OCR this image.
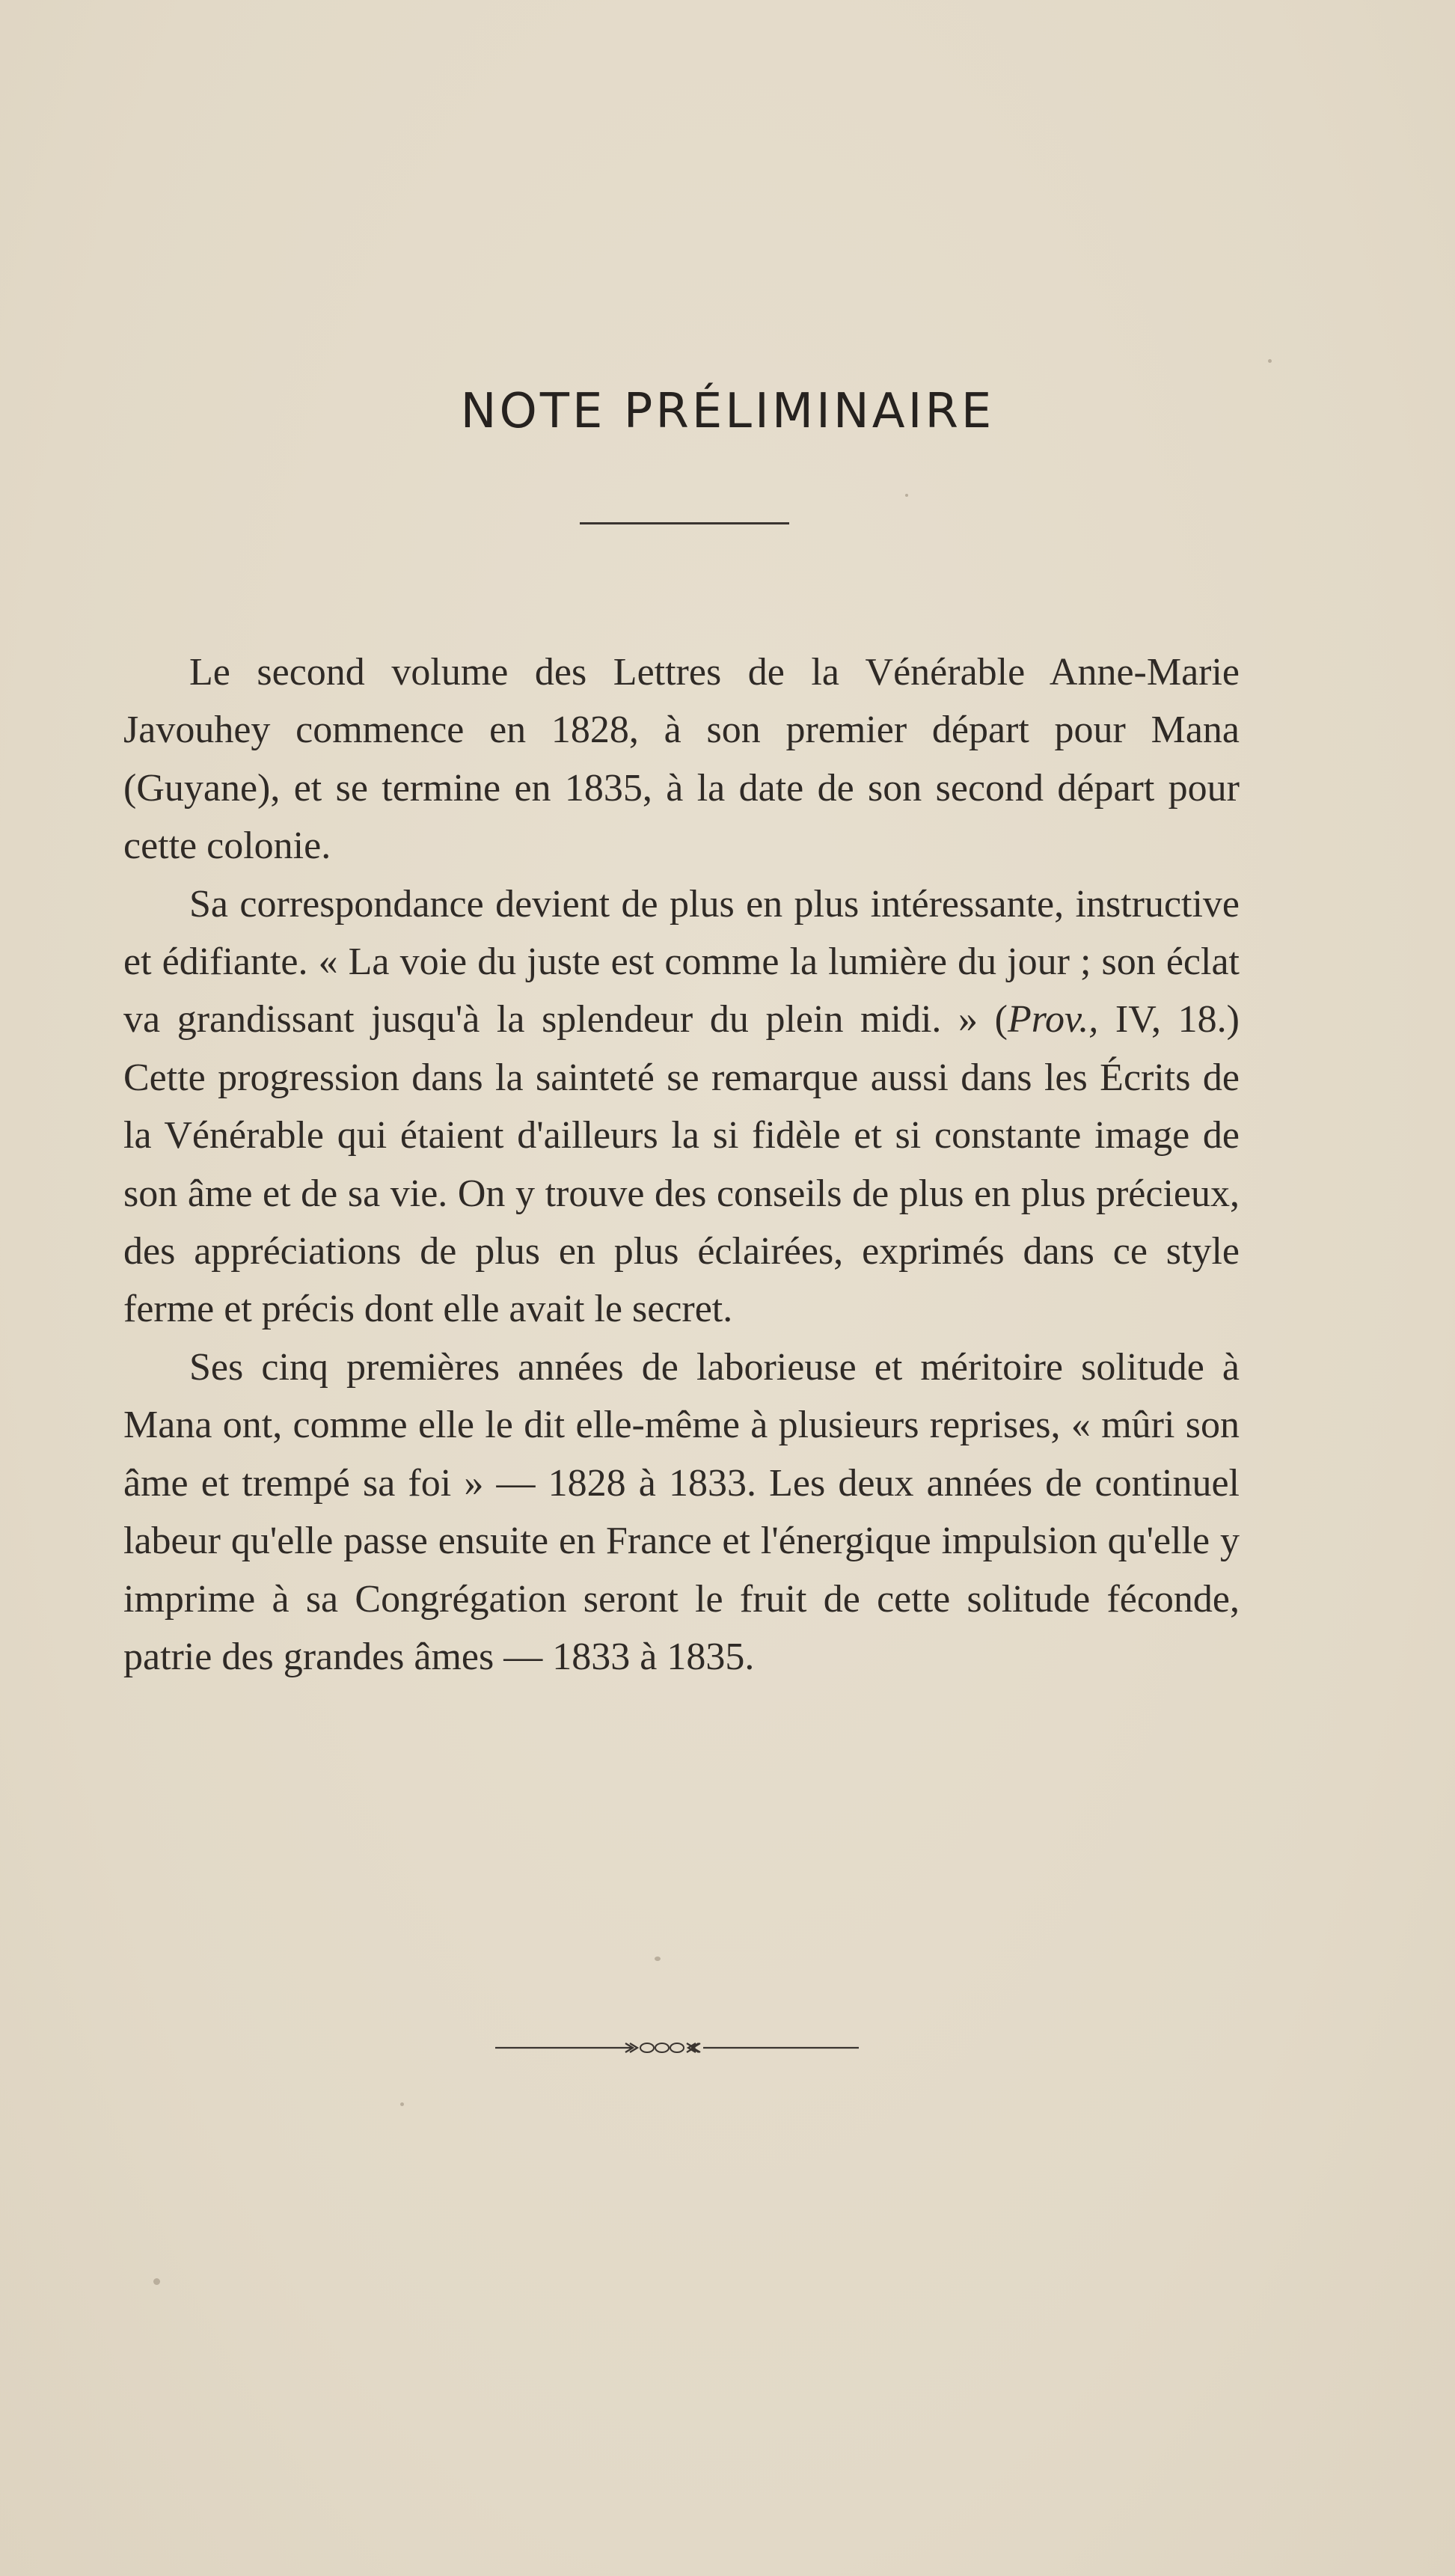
NOTE PRÉLIMINAIRE

Le second volume des Lettres de la Vénérable Anne-Marie Javouhey commence en 1828, à son premier départ pour Mana (Guyane), et se termine en 1835, à la date de son second départ pour cette colonie.

Sa correspondance devient de plus en plus intéressante, instructive et édifiante. « La voie du juste est comme la lumière du jour ; son éclat va grandissant jusqu'à la splendeur du plein midi. » (Prov., IV, 18.) Cette progression dans la sainteté se remarque aussi dans les Écrits de la Vénérable qui étaient d'ailleurs la si fidèle et si constante image de son âme et de sa vie. On y trouve des conseils de plus en plus précieux, des appréciations de plus en plus éclairées, exprimés dans ce style ferme et précis dont elle avait le secret.

Ses cinq premières années de laborieuse et méritoire solitude à Mana ont, comme elle le dit elle-même à plusieurs reprises, « mûri son âme et trempé sa foi » — 1828 à 1833. Les deux années de continuel labeur qu'elle passe ensuite en France et l'énergique impulsion qu'elle y imprime à sa Congrégation seront le fruit de cette solitude féconde, patrie des grandes âmes — 1833 à 1835.
